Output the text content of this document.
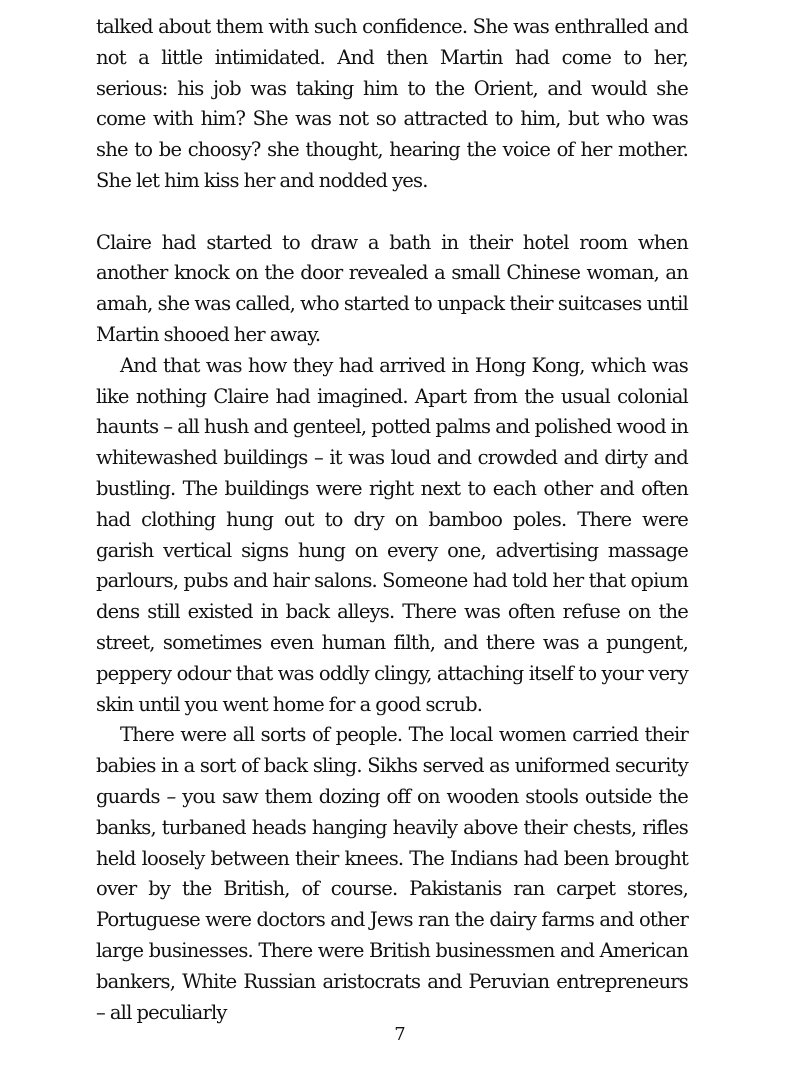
talked about them with such confidence. She was enthralled and not a little intimidated. And then Martin had come to her, serious: his job was taking him to the Orient, and would she come with him? She was not so attracted to him, but who was she to be choosy? she thought, hearing the voice of her mother. She let him kiss her and nodded yes.

Claire had started to draw a bath in their hotel room when another knock on the door revealed a small Chinese woman, an amah, she was called, who started to unpack their suitcases until Martin shooed her away.

And that was how they had arrived in Hong Kong, which was like nothing Claire had imagined. Apart from the usual colonial haunts – all hush and genteel, potted palms and polished wood in whitewashed buildings – it was loud and crowded and dirty and bustling. The buildings were right next to each other and often had clothing hung out to dry on bamboo poles. There were garish vertical signs hung on every one, advertising massage parlours, pubs and hair salons. Someone had told her that opium dens still existed in back alleys. There was often refuse on the street, sometimes even human filth, and there was a pungent, peppery odour that was oddly clingy, attaching itself to your very skin until you went home for a good scrub.

There were all sorts of people. The local women carried their babies in a sort of back sling. Sikhs served as uniformed security guards – you saw them dozing off on wooden stools outside the banks, turbaned heads hanging heavily above their chests, rifles held loosely between their knees. The Indians had been brought over by the British, of course. Pakistanis ran carpet stores, Portuguese were doctors and Jews ran the dairy farms and other large businesses. There were British businessmen and American bankers, White Russian aristocrats and Peruvian entrepreneurs – all peculiarly

7
